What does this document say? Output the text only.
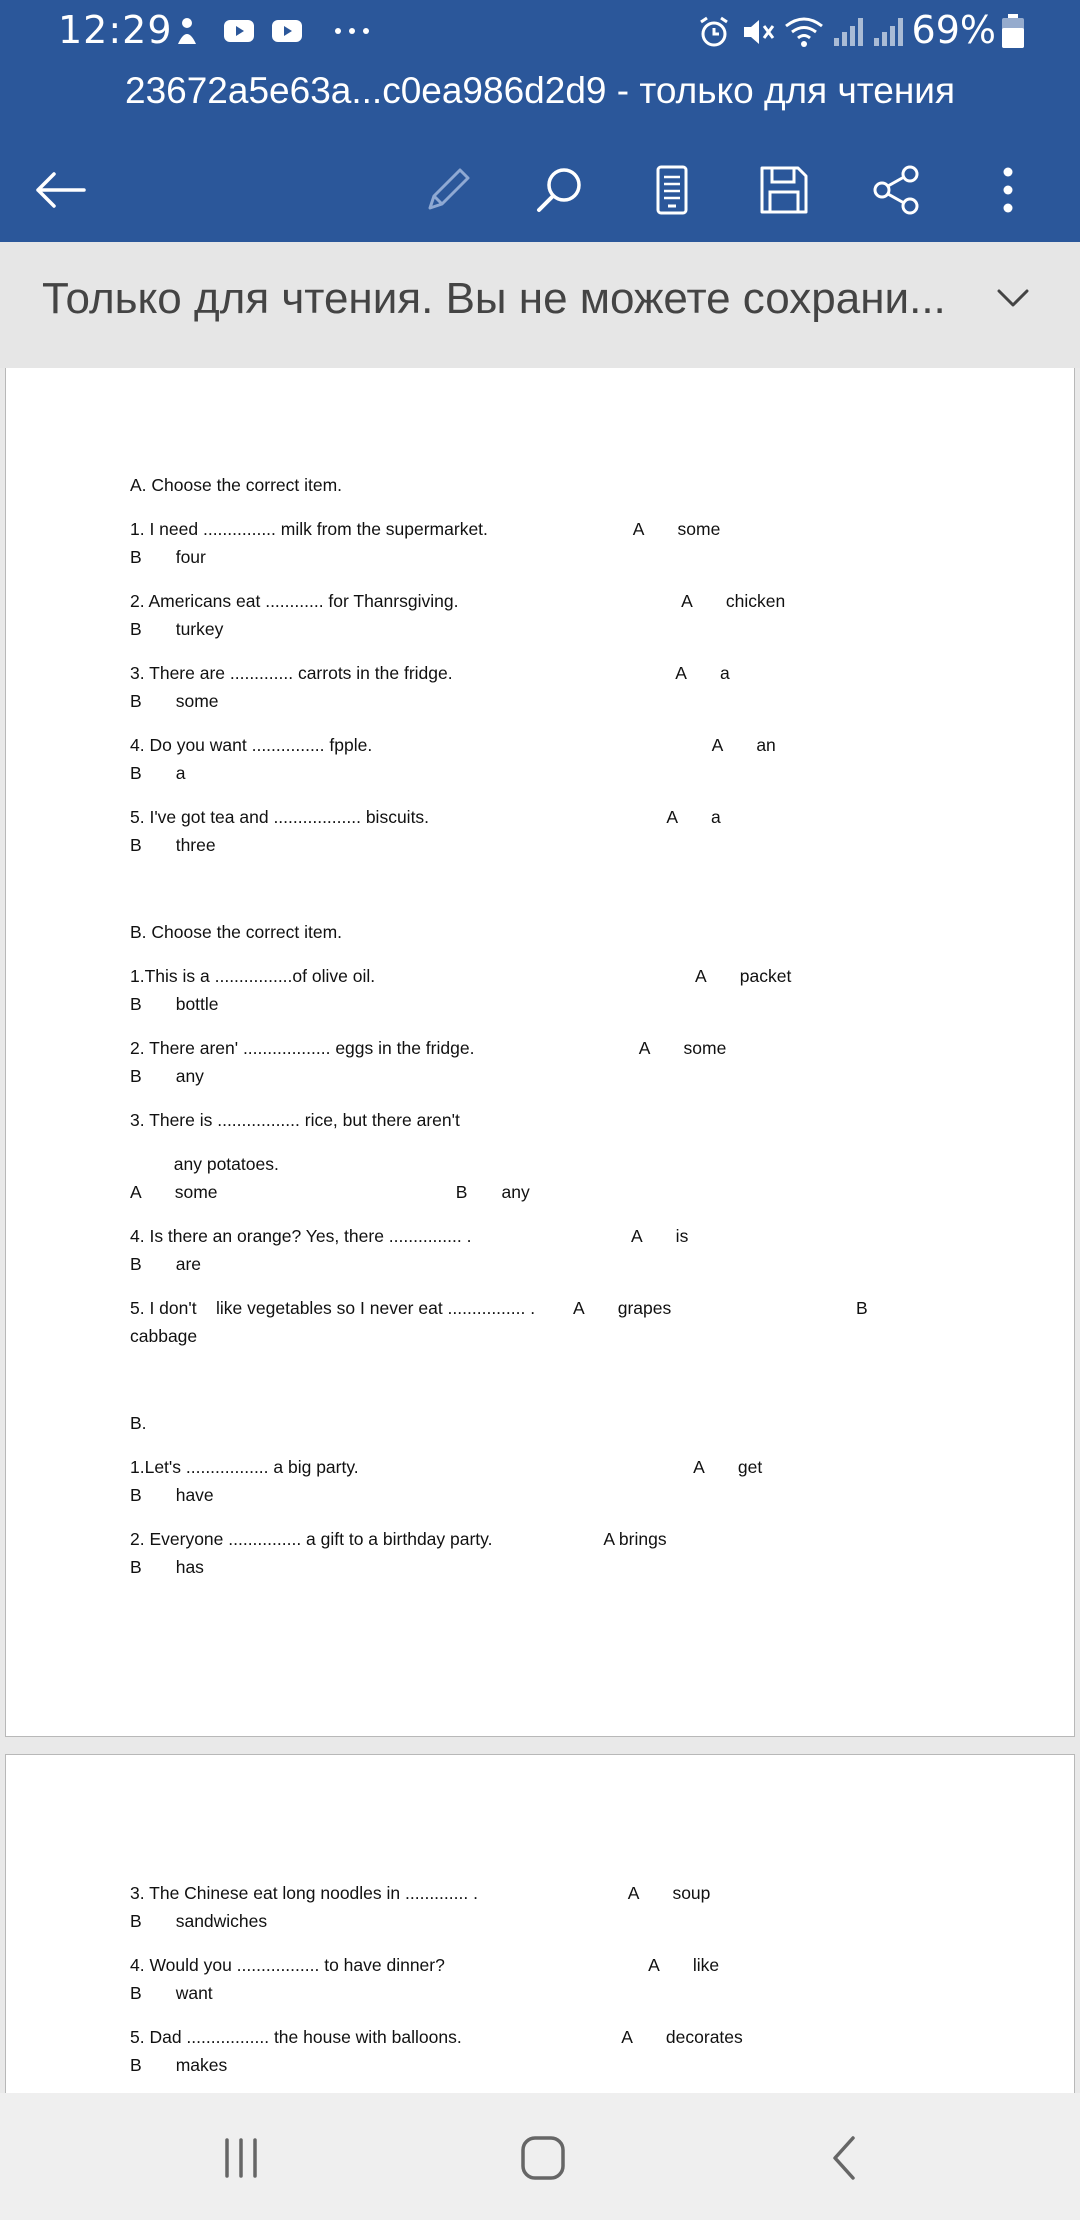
12:29	69%
23672a5e63a...c0ea986d2d9 - только для чтения
Только для чтения. Вы не можете сохрани...
A. Choose the correct item.
1. I need ............... milk from the supermarket.                              A       some
B       four
2. Americans eat ............ for Thanrsgiving.                                              A       chicken
B       turkey
3. There are ............. carrots in the fridge.                                              A       a
B       some
4. Do you want ............... fpple.                                                                      A       an
B       a
5. I've got tea and .................. biscuits.                                                 A       a
B       three
B. Choose the correct item.
1.This is a ................of olive oil.                                                                  A       packet
B       bottle
2. There aren' .................. eggs in the fridge.                                  A       some
B       any
3. There is ................. rice, but there aren't
any potatoes.
A       some                                                 B       any
4. Is there an orange? Yes, there ............... .                                 A       is
B       are
5. I don't    like vegetables so I never eat ................ .        A       grapes                                      B
cabbage
B.
1.Let's ................. a big party.                                                                     A       get
B       have
2. Everyone ............... a gift to a birthday party.                       A brings
B       has
3. The Chinese eat long noodles in ............. .                               A       soup
B       sandwiches
4. Would you ................. to have dinner?                                          A       like
B       want
5. Dad ................. the house with balloons.                                 A       decorates
B       makes
